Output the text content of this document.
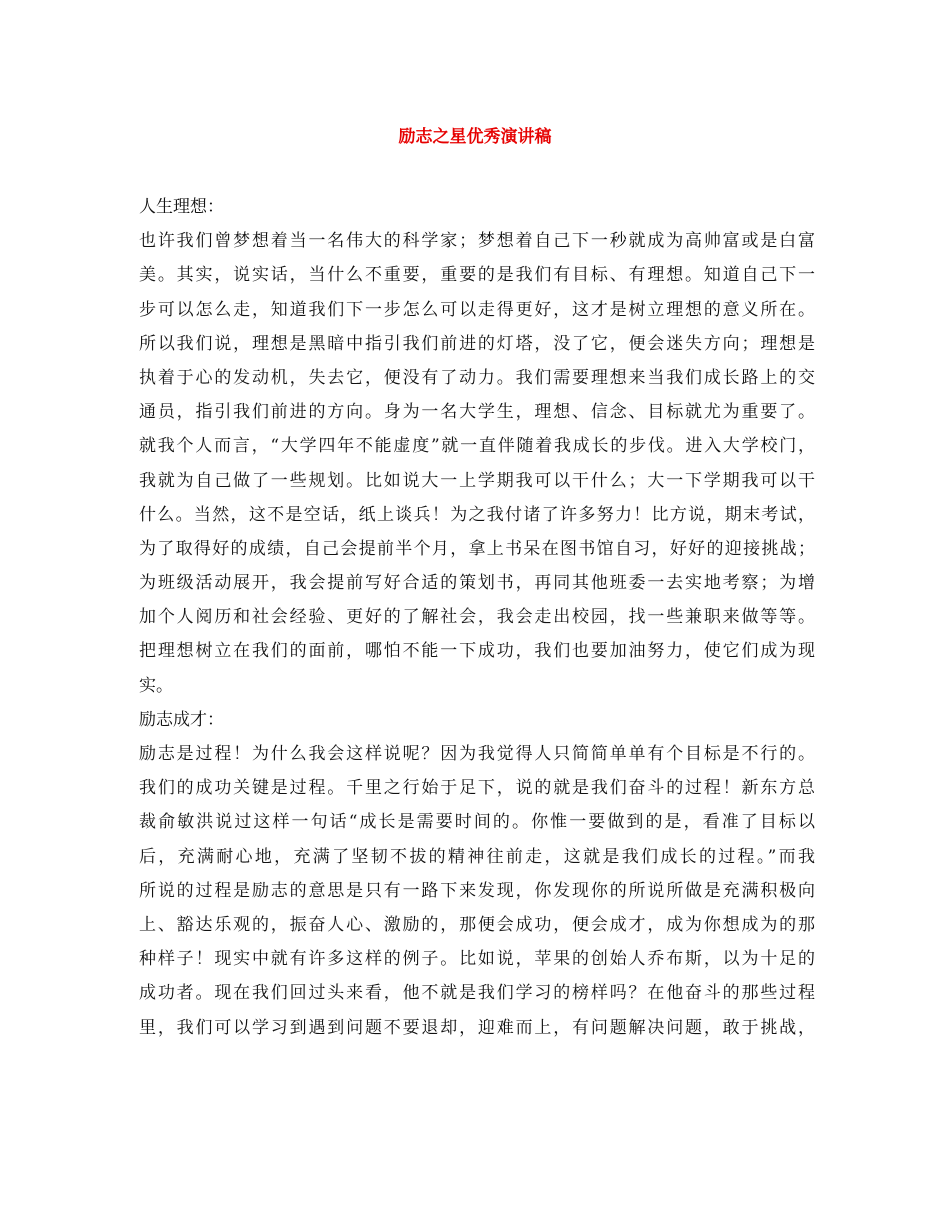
励志之星优秀演讲稿
人生理想：
也许我们曾梦想着当一名伟大的科学家；梦想着自己下一秒就成为高帅富或是白富
美。其实，说实话，当什么不重要，重要的是我们有目标、有理想。知道自己下一
步可以怎么走，知道我们下一步怎么可以走得更好，这才是树立理想的意义所在。
所以我们说，理想是黑暗中指引我们前进的灯塔，没了它，便会迷失方向；理想是
执着于心的发动机，失去它，便没有了动力。我们需要理想来当我们成长路上的交
通员，指引我们前进的方向。身为一名大学生，理想、信念、目标就尤为重要了。
就我个人而言，“大学四年不能虚度”就一直伴随着我成长的步伐。进入大学校门，
我就为自己做了一些规划。比如说大一上学期我可以干什么；大一下学期我可以干
什么。当然，这不是空话，纸上谈兵！为之我付诸了许多努力！比方说，期末考试，
为了取得好的成绩，自己会提前半个月，拿上书呆在图书馆自习，好好的迎接挑战；
为班级活动展开，我会提前写好合适的策划书，再同其他班委一去实地考察；为增
加个人阅历和社会经验、更好的了解社会，我会走出校园，找一些兼职来做等等。
把理想树立在我们的面前，哪怕不能一下成功，我们也要加油努力，使它们成为现
实。
励志成才：
励志是过程！为什么我会这样说呢？因为我觉得人只简简单单有个目标是不行的。
我们的成功关键是过程。千里之行始于足下，说的就是我们奋斗的过程！新东方总
裁俞敏洪说过这样一句话“成长是需要时间的。你惟一要做到的是，看准了目标以
后，充满耐心地，充满了坚韧不拔的精神往前走，这就是我们成长的过程。”而我
所说的过程是励志的意思是只有一路下来发现，你发现你的所说所做是充满积极向
上、豁达乐观的，振奋人心、激励的，那便会成功，便会成才，成为你想成为的那
种样子！现实中就有许多这样的例子。比如说，苹果的创始人乔布斯，以为十足的
成功者。现在我们回过头来看，他不就是我们学习的榜样吗？在他奋斗的那些过程
里，我们可以学习到遇到问题不要退却，迎难而上，有问题解决问题，敢于挑战，
